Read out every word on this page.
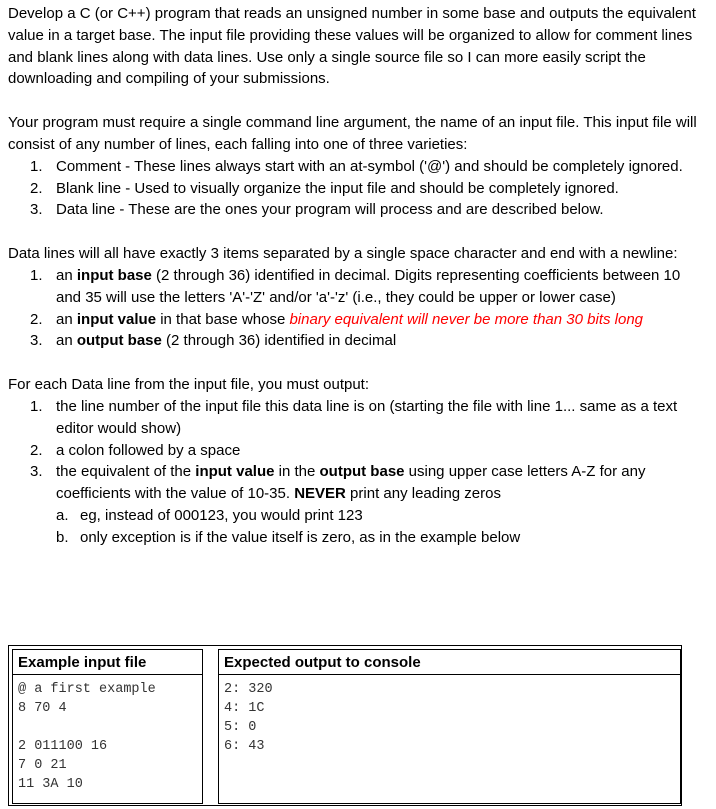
Develop a C (or C++) program that reads an unsigned number in some base and outputs the equivalent value in a target base. The input file providing these values will be organized to allow for comment lines and blank lines along with data lines. Use only a single source file so I can more easily script the downloading and compiling of your submissions.

Your program must require a single command line argument, the name of an input file. This input file will consist of any number of lines, each falling into one of three varieties:

1. Comment - These lines always start with an at-symbol ('@') and should be completely ignored.
2. Blank line - Used to visually organize the input file and should be completely ignored.
3. Data line - These are the ones your program will process and are described below.

Data lines will all have exactly 3 items separated by a single space character and end with a newline:

1. an input base (2 through 36) identified in decimal. Digits representing coefficients between 10 and 35 will use the letters 'A'-'Z' and/or 'a'-'z' (i.e., they could be upper or lower case)
2. an input value in that base whose binary equivalent will never be more than 30 bits long
3. an output base (2 through 36) identified in decimal

For each Data line from the input file, you must output:

1. the line number of the input file this data line is on (starting the file with line 1... same as a text editor would show)
2. a colon followed by a space
3. the equivalent of the input value in the output base using upper case letters A-Z for any coefficients with the value of 10-35. NEVER print any leading zeros
a. eg, instead of 000123, you would print 123
b. only exception is if the value itself is zero, as in the example below
Example input file
@ a first example
8 70 4
2 011100 16
7 0 21
11 3A 10
Expected output to console
2: 320
4: 1C
5: 0
6: 43
